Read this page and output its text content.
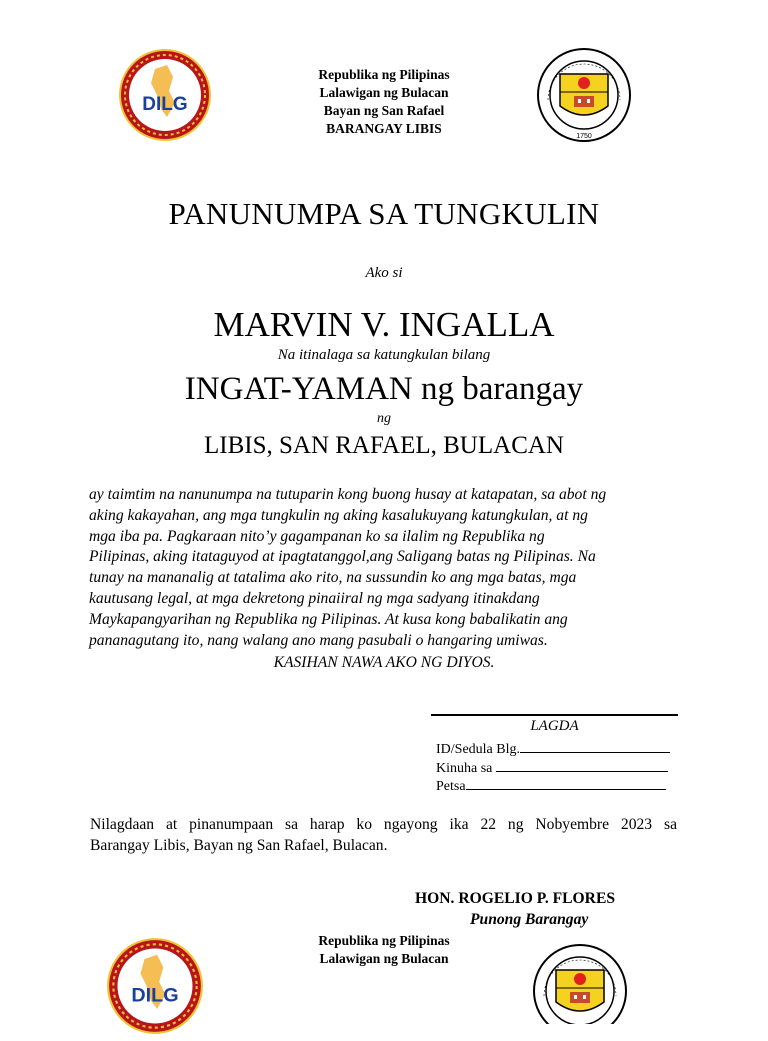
DILG
1750
Republika ng Pilipinas
Lalawigan ng Bulacan
Bayan ng San Rafael
BARANGAY LIBIS
PANUNUMPA SA TUNGKULIN
Ako si
MARVIN V. INGALLA
Na itinalaga sa katungkulan bilang
INGAT-YAMAN ng barangay
ng
LIBIS, SAN RAFAEL, BULACAN

ay taimtim na nanunumpa na tutuparin kong buong husay at katapatan, sa abot ng

aking kakayahan, ang mga tungkulin ng aking kasalukuyang katungkulan, at ng

mga iba pa. Pagkaraan nito’y gagampanan ko sa ilalim ng Republika ng

Pilipinas, aking itataguyod at ipagtatanggol,ang Saligang batas ng Pilipinas. Na

tunay na mananalig at tatalima ako rito, na sussundin ko ang mga batas, mga

kautusang legal, at mga dekretong pinaiiral ng mga sadyang itinakdang

Maykapangyarihan ng Republika ng Pilipinas. At kusa kong babalikatin ang

pananagutang ito, nang walang ano mang pasubali o hangaring umiwas.

KASIHAN NAWA AKO NG DIYOS.
LAGDA
ID/Sedula Blg.
Kinuha sa
Petsa
Nilagdaan at pinanumpaan sa harap ko ngayong ika 22 ng Nobyembre 2023 sa
Barangay Libis, Bayan ng San Rafael, Bulacan.
HON. ROGELIO P. FLORES
Punong Barangay
DILG
Republika ng Pilipinas
Lalawigan ng Bulacan
